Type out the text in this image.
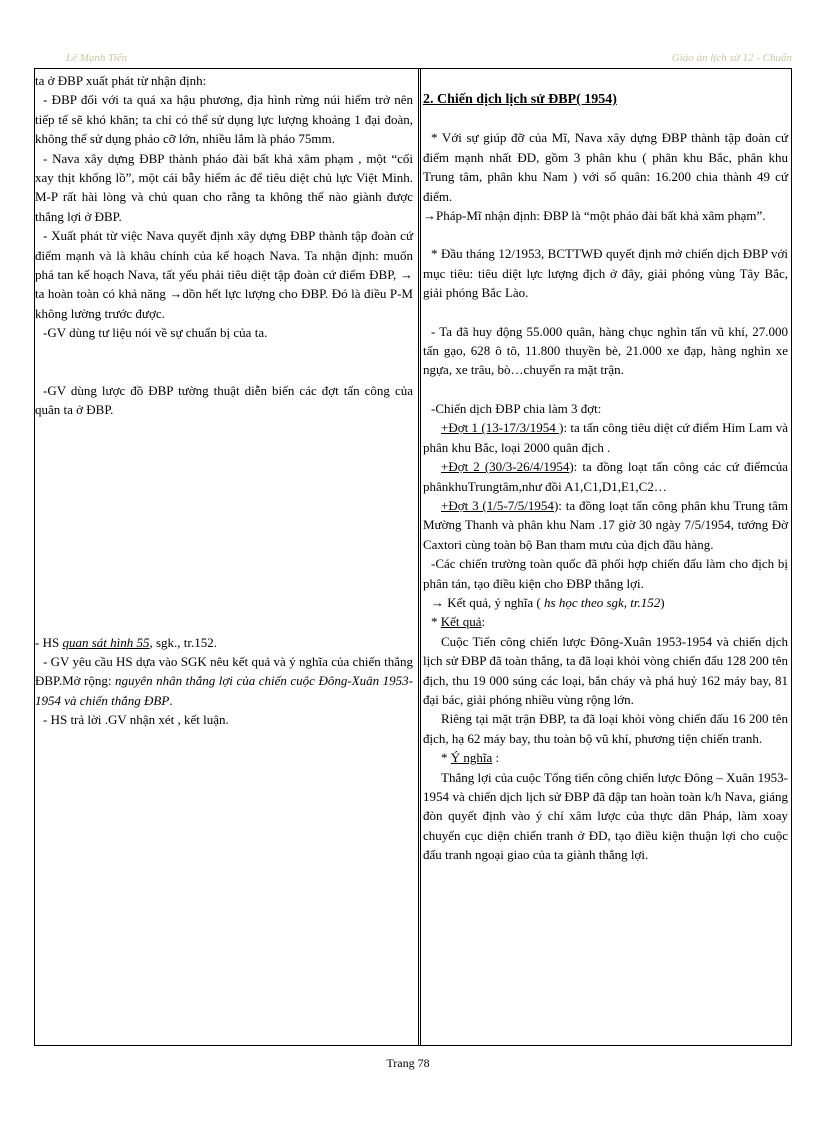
Lê Mạnh Tiến	Giáo án lịch sử 12 - Chuẩn

ta ở ĐBP xuất phát từ nhận định:

- ĐBP đối với ta quá xa hậu phương, địa hình rừng núi hiểm trở nên tiếp tế sẽ khó khăn; ta chỉ có thể sử dụng lực lượng khoảng 1 đại đoàn, không thể sử dụng pháo cỡ lớn, nhiều lắm là pháo 75mm.

- Nava xây dựng ĐBP thành pháo đài bất khả xâm phạm , một “cối xay thịt khổng lồ”, một cái bẫy hiểm ác để tiêu diệt chủ lực Việt Minh. M-P rất hài lòng và chủ quan cho rằng ta không thể nào giành được thắng lợi ở ĐBP.

- Xuất phát từ việc Nava quyết định xây dựng ĐBP thành tập đoàn cứ điểm mạnh và là khâu chính của kế hoạch Nava. Ta nhận định: muốn phá tan kế hoạch Nava, tất yếu phải tiêu diệt tập đoàn cứ điểm ĐBP, → ta hoàn toàn có khả năng →dồn hết lực lượng cho ĐBP. Đó là điều P-M không lường trước được.

-GV dùng tư liệu nói về sự chuẩn bị của ta.

-GV dùng lược đồ ĐBP tường thuật diễn biến các đợt tấn công của quân ta ở ĐBP.

- HS quan sát hình 55, sgk., tr.152.

- GV yêu cầu HS dựa vào SGK nêu kết quả và ý nghĩa của chiến thắng ĐBP.Mở rộng: nguyên nhân thắng lợi của chiến cuộc Đông-Xuân 1953-1954 và chiến thắng ĐBP.

- HS trả lời .GV nhận xét , kết luận.

2. Chiến dịch lịch sử ĐBP( 1954)

* Với sự giúp đỡ của Mĩ, Nava xây dựng ĐBP thành tập đoàn cứ điểm mạnh nhất ĐD, gồm 3 phân khu ( phân khu Bắc, phân khu Trung tâm, phân khu Nam ) với số quân: 16.200 chia thành 49 cứ điểm.

→Pháp-Mĩ nhận định: ĐBP là “một pháo đài bất khả xâm phạm”.

* Đầu tháng 12/1953, BCTTWĐ quyết định mở chiến dịch ĐBP với mục tiêu: tiêu diệt lực lượng địch ở đây, giải phóng vùng Tây Bắc, giải phóng Bắc Lào.

- Ta đã huy động 55.000 quân, hàng chục nghìn tấn vũ khí, 27.000 tấn gạo, 628 ô tô, 11.800 thuyền bè, 21.000 xe đạp, hàng nghìn xe ngựa, xe trâu, bò…chuyển ra mặt trận.

-Chiến dịch ĐBP chia làm 3 đợt:

+Đợt 1 (13-17/3/1954 ): ta tấn công tiêu diệt cứ điểm Him Lam và phân khu Bắc, loại 2000 quân địch .

+Đợt 2 (30/3-26/4/1954): ta đồng loạt tấn công các cứ điểmcủa phânkhuTrungtâm,như đồi A1,C1,D1,E1,C2…

+Đợt 3 (1/5-7/5/1954): ta đồng loạt tấn công phân khu Trung tâm Mường Thanh và phân khu Nam .17 giờ 30 ngày 7/5/1954, tướng Đờ Caxtori cùng toàn bộ Ban tham mưu của địch đầu hàng.

-Các chiến trường toàn quốc đã phối hợp chiến đấu làm cho địch bị phân tán, tạo điều kiện cho ĐBP thắng lợi.

→ Kết quả, ý nghĩa ( hs học theo sgk, tr.152)

* Kết quả:

Cuộc Tiến công chiến lược Đông-Xuân 1953-1954 và chiến dịch lịch sử ĐBP đã toàn thắng, ta đã loại khỏi vòng chiến đấu 128 200 tên địch, thu 19 000 súng các loại, bắn cháy và phá huỷ 162 máy bay, 81 đại bác, giải phóng nhiều vùng rộng lớn.

Riêng tại mặt trận ĐBP, ta đã loại khỏi vòng chiến đấu 16 200 tên địch, hạ 62 máy bay, thu toàn bộ vũ khí, phương tiện chiến tranh.

* Ý nghĩa :

Thắng lợi của cuộc Tổng tiến công chiến lược Đông – Xuân 1953-1954 và chiến dịch lịch sử ĐBP đã đập tan hoàn toàn k/h Nava, giáng đòn quyết định vào ý chí xâm lược của thực dân Pháp, làm xoay chuyển cục diện chiến tranh ở ĐD, tạo điều kiện thuận lợi cho cuộc đấu tranh ngoại giao của ta giành thắng lợi.

Trang 78
